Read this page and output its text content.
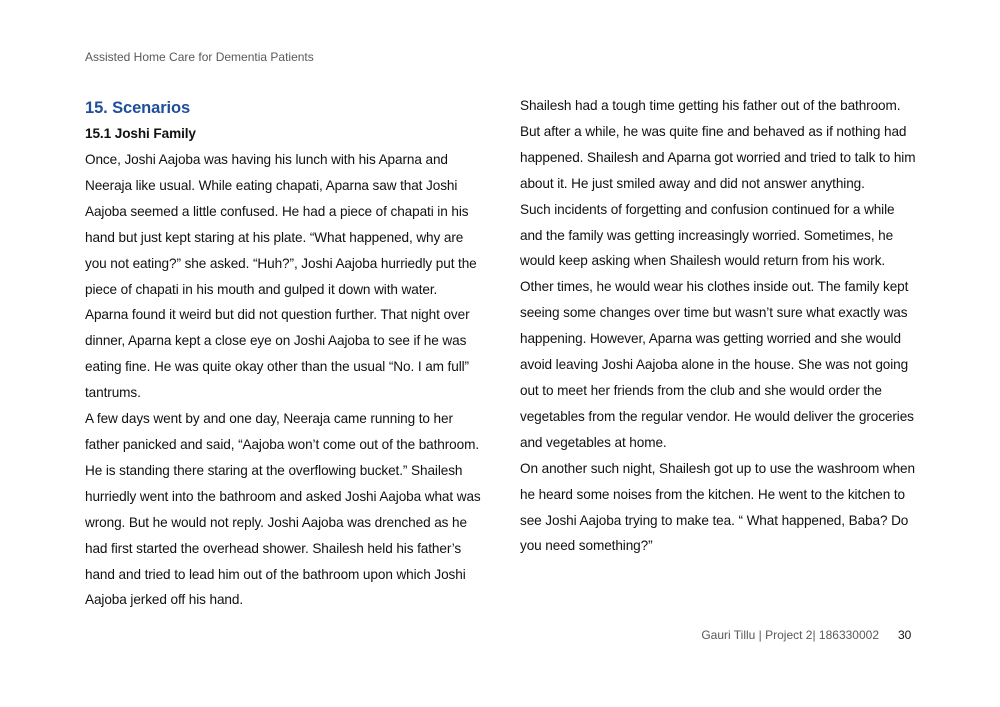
Assisted Home Care for Dementia Patients
15. Scenarios
15.1 Joshi Family

Once, Joshi Aajoba was having his lunch with his Aparna and Neeraja like usual. While eating chapati, Aparna saw that Joshi Aajoba seemed a little confused. He had a piece of chapati in his hand but just kept staring at his plate. “What happened, why are you not eating?” she asked. “Huh?”, Joshi Aajoba hurriedly put the piece of chapati in his mouth and gulped it down with water. Aparna found it weird but did not question further. That night over dinner, Aparna kept a close eye on Joshi Aajoba to see if he was eating fine. He was quite okay other than the usual “No. I am full” tantrums.

A few days went by and one day, Neeraja came running to her father panicked and said, “Aajoba won’t come out of the bathroom. He is standing there staring at the overflowing bucket.” Shailesh hurriedly went into the bathroom and asked Joshi Aajoba what was wrong. But he would not reply. Joshi Aajoba was drenched as he had first started the overhead shower. Shailesh held his father’s hand and tried to lead him out of the bathroom upon which Joshi Aajoba jerked off his hand.

Shailesh had a tough time getting his father out of the bathroom. But after a while, he was quite fine and behaved as if nothing had happened. Shailesh and Aparna got worried and tried to talk to him about it. He just smiled away and did not answer anything.

Such incidents of forgetting and confusion continued for a while and the family was getting increasingly worried. Sometimes, he would keep asking when Shailesh would return from his work. Other times, he would wear his clothes inside out. The family kept seeing some changes over time but wasn’t sure what exactly was happening. However, Aparna was getting worried and she would avoid leaving Joshi Aajoba alone in the house. She was not going out to meet her friends from the club and she would order the vegetables from the regular vendor. He would deliver the groceries and vegetables at home.

On another such night, Shailesh got up to use the washroom when he heard some noises from the kitchen. He went to the kitchen to see Joshi Aajoba trying to make tea. “ What happened, Baba? Do you need something?”

Gauri Tillu | Project 2| 186330002 30
